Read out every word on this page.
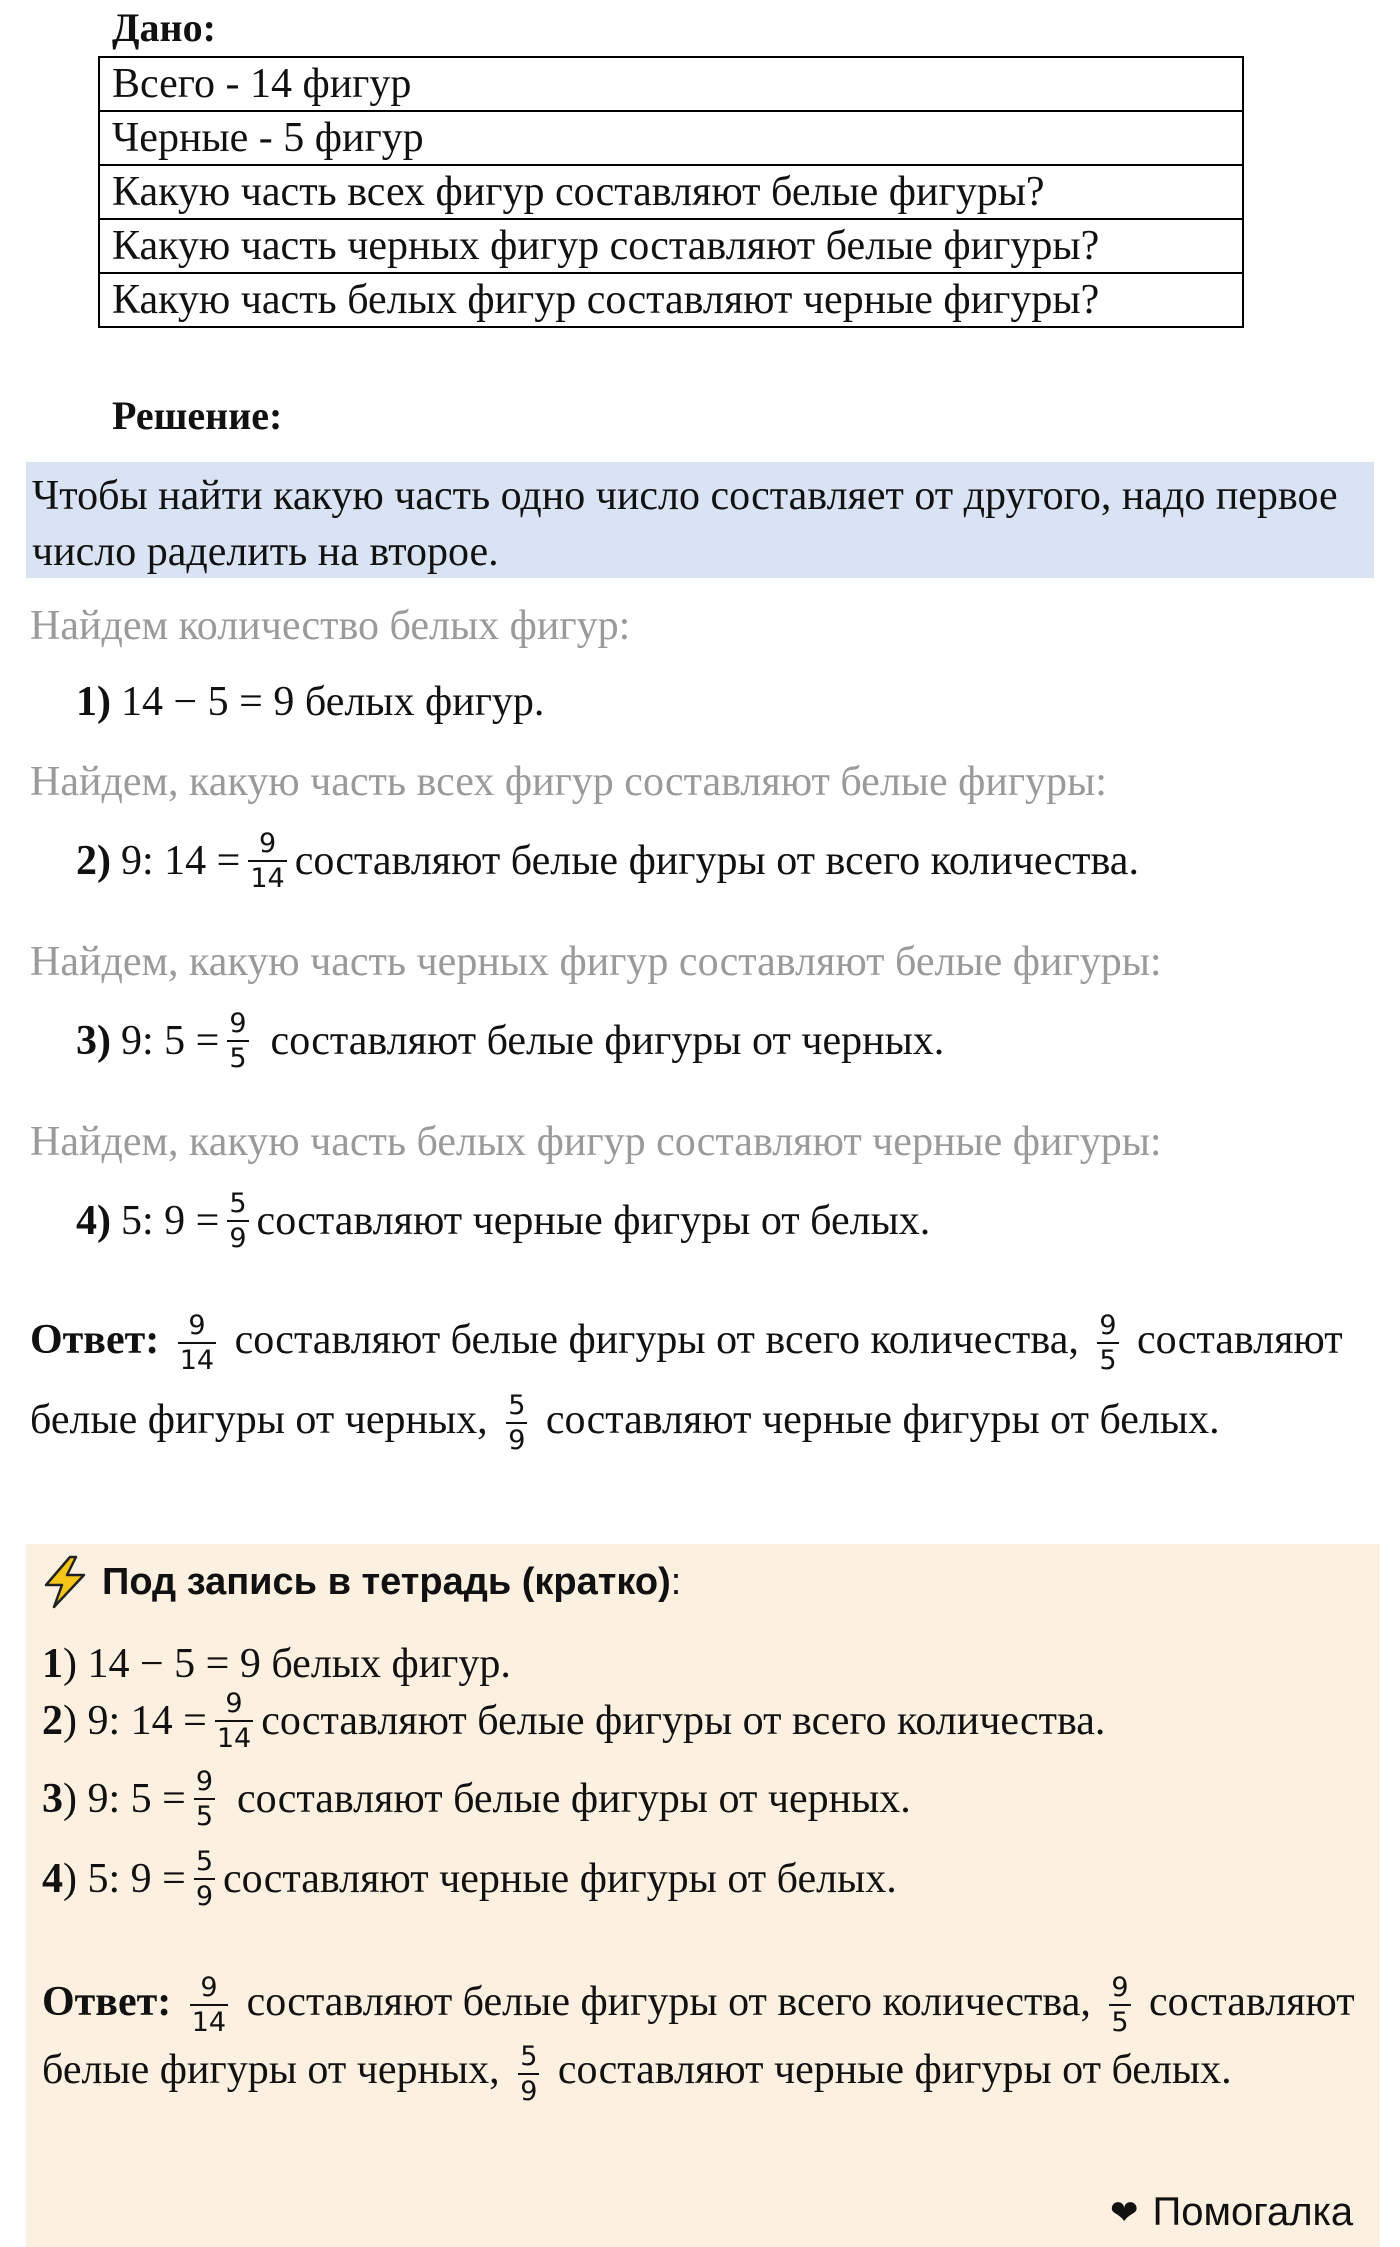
Дано:
Всего - 14 фигур
Черные - 5 фигур
Какую часть всех фигур составляют белые фигуры?
Какую часть черных фигур составляют белые фигуры?
Какую часть белых фигур составляют черные фигуры?
Решение:
Чтобы найти какую часть одно число составляет от другого, надо первое число раделить на второе.
Найдем количество белых фигур:
1) 14 − 5 = 9 белых фигур.
Найдем, какую часть всех фигур составляют белые фигуры:
2) 9: $14 = \frac{9}{14}$ составляют белые фигуры от всего количества.
Найдем, какую часть черных фигур составляют белые фигуры:
3) 9: $5 = \frac{9}{5}$ составляют белые фигуры от черных.
Найдем, какую часть белых фигур составляют черные фигуры:
4) 5: $9 = \frac{5}{9}$ составляют черные фигуры от белых.
Ответ: $\frac{9}{14}$ составляют белые фигуры от всего количества, $\frac{9}{5}$ составляют белые фигуры от черных, $\frac{5}{9}$ составляют черные фигуры от белых.
Под запись в тетрадь (кратко) :
1 ) 14 − 5 = 9 белых фигур.
2 ) 9: $14 = \frac{9}{14}$ составляют белые фигуры от всего количества.
3 ) 9: $5 = \frac{9}{5}$ составляют белые фигуры от черных.
4 ) 5: $9 = \frac{5}{9}$ составляют черные фигуры от белых.
Ответ: $\frac{9}{14}$ составляют белые фигуры от всего количества, $\frac{9}{5}$ составляют белые фигуры от черных, $\frac{5}{9}$ составляют черные фигуры от белых.
❤ Помогалка
